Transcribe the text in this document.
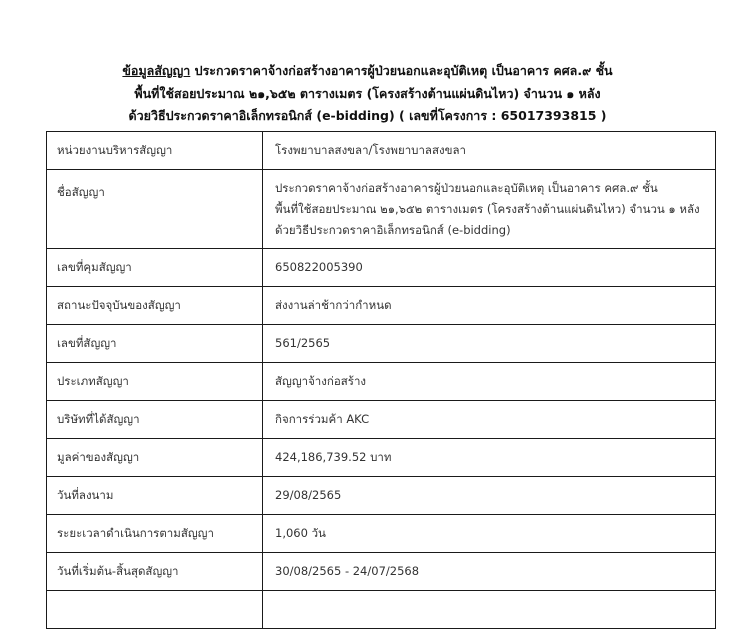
ข้อมูลสัญญา ประกวดราคาจ้างก่อสร้างอาคารผู้ป่วยนอกและอุบัติเหตุ เป็นอาคาร คศล.๙ ชั้น
พื้นที่ใช้สอยประมาณ ๒๑,๖๕๒ ตารางเมตร (โครงสร้างต้านแผ่นดินไหว) จำนวน ๑ หลัง
ด้วยวิธีประกวดราคาอิเล็กทรอนิกส์ (e-bidding) ( เลขที่โครงการ : 65017393815 )
หน่วยงานบริหารสัญญา	โรงพยาบาลสงขลา/โรงพยาบาลสงขลา
ชื่อสัญญา	ประกวดราคาจ้างก่อสร้างอาคารผู้ป่วยนอกและอุบัติเหตุ เป็นอาคาร คศล.๙ ชั้น
พื้นที่ใช้สอยประมาณ ๒๑,๖๕๒ ตารางเมตร (โครงสร้างต้านแผ่นดินไหว) จำนวน ๑ หลัง
ด้วยวิธีประกวดราคาอิเล็กทรอนิกส์ (e-bidding)

เลขที่คุมสัญญา	650822005390
สถานะปัจจุบันของสัญญา	ส่งงานล่าช้ากว่ากำหนด
เลขที่สัญญา	561/2565
ประเภทสัญญา	สัญญาจ้างก่อสร้าง
บริษัทที่ได้สัญญา	กิจการร่วมค้า AKC
มูลค่าของสัญญา	424,186,739.52 บาท
วันที่ลงนาม	29/08/2565
ระยะเวลาดำเนินการตามสัญญา	1,060 วัน
วันที่เริ่มต้น-สิ้นสุดสัญญา	30/08/2565 - 24/07/2568
